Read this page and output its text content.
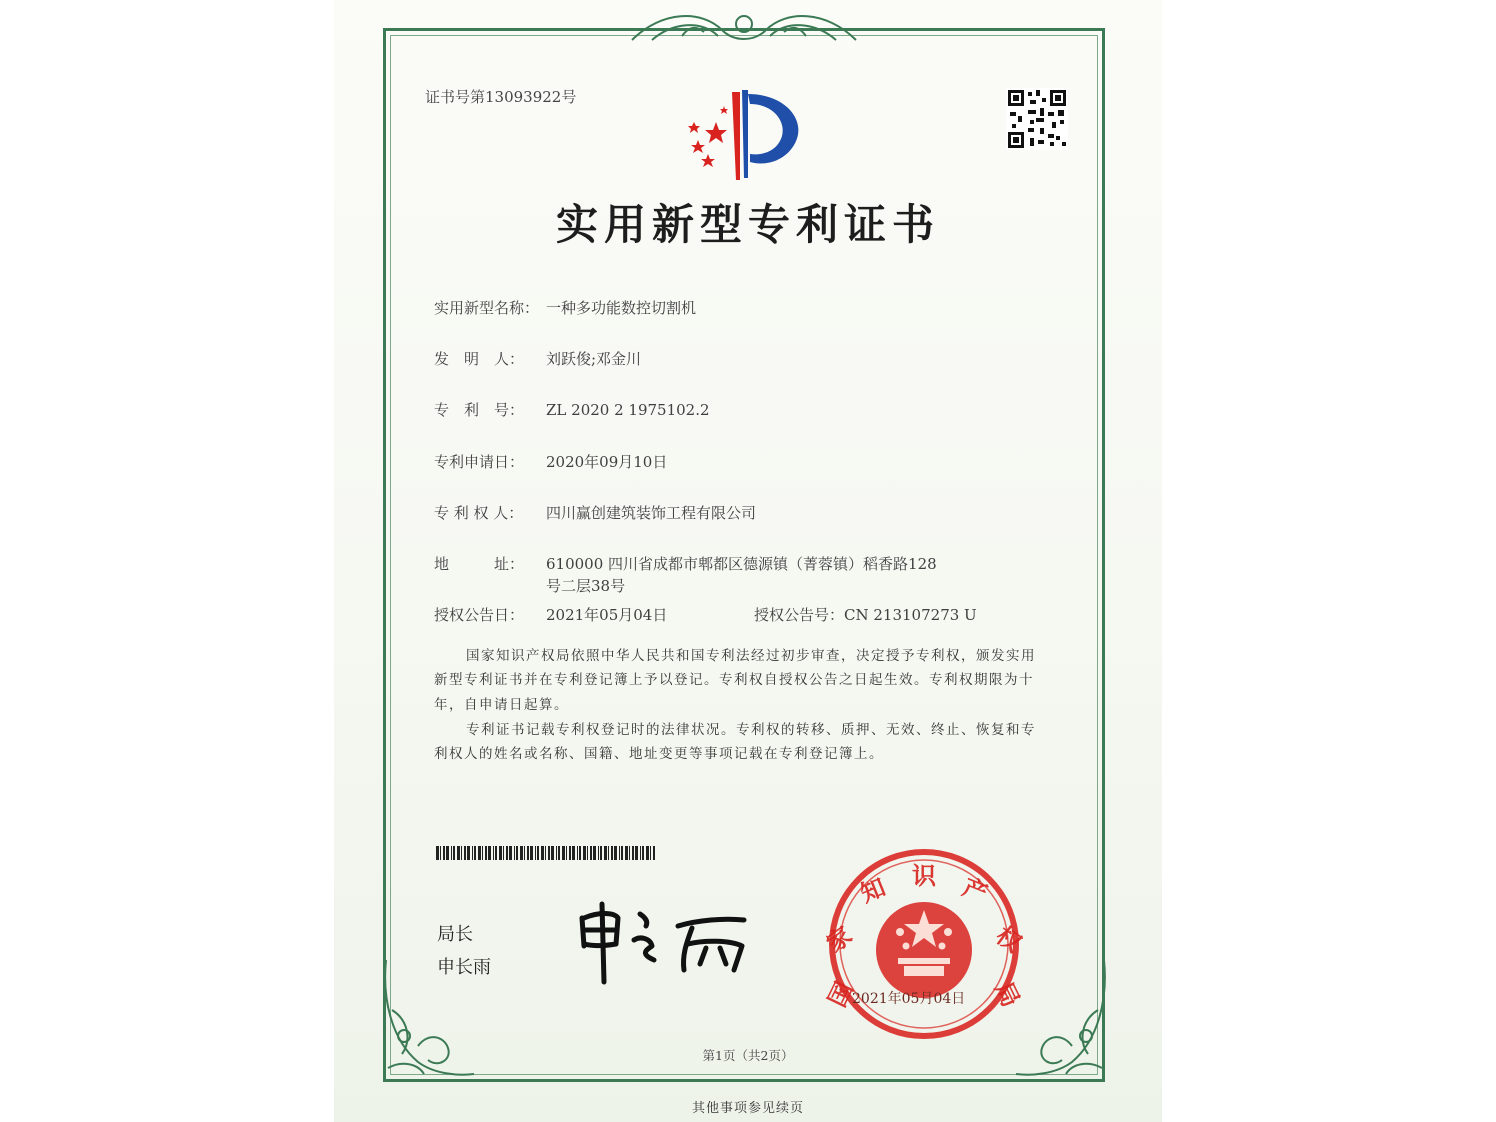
证书号第13093922号
实用新型专利证书
实用新型名称： 一种多功能数控切割机
发　明　人： 刘跃俊;邓金川
专　利　号： ZL 2020 2 1975102.2
专利申请日： 2020年09月10日
专 利 权 人： 四川赢创建筑装饰工程有限公司
地　　　址： 610000 四川省成都市郫都区德源镇（菁蓉镇）稻香路128
号二层38号
授权公告日： 2021年05月04日	授权公告号：CN 213107273 U
国家知识产权局依照中华人民共和国专利法经过初步审查，决定授予专利权，颁发实用
新型专利证书并在专利登记簿上予以登记。专利权自授权公告之日起生效。专利权期限为十
年，自申请日起算。
专利证书记载专利权登记时的法律状况。专利权的转移、质押、无效、终止、恢复和专
利权人的姓名或名称、国籍、地址变更等事项记载在专利登记簿上。
局长
申长雨
国
家
知 识 产
权
局
2021年05月04日
第1页（共2页）
其他事项参见续页
